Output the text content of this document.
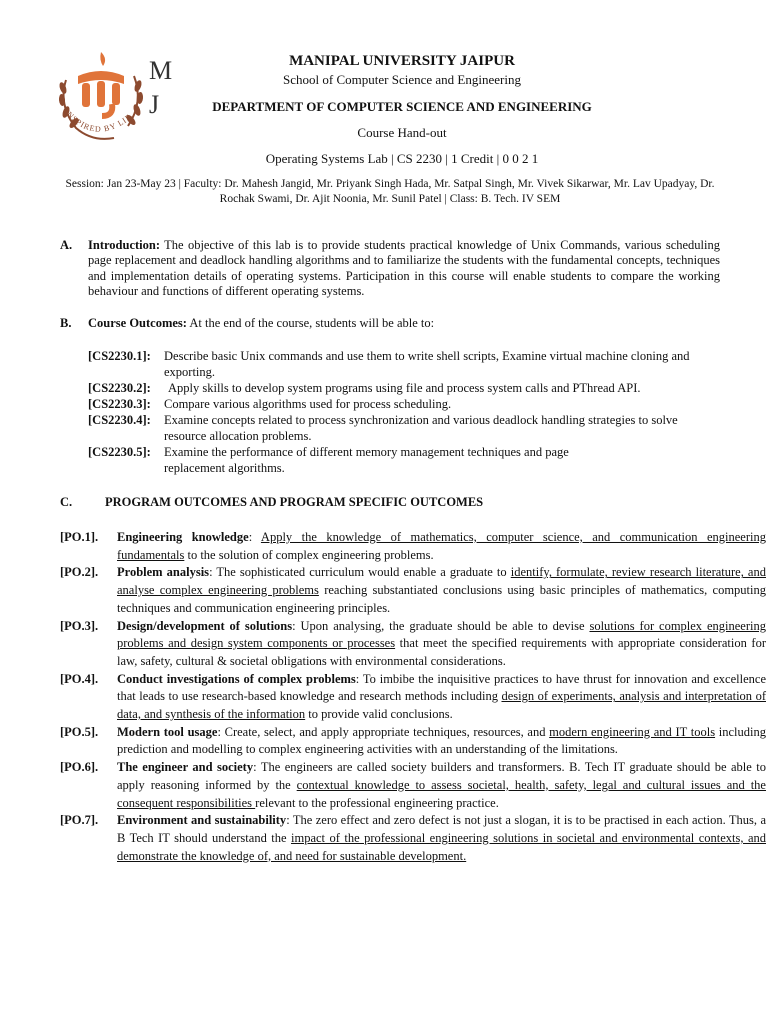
INSPIRED BY LIF
M J
MANIPAL UNIVERSITY JAIPUR
School of Computer Science and Engineering
DEPARTMENT OF COMPUTER SCIENCE AND ENGINEERING
Course Hand-out
Operating Systems Lab | CS 2230 | 1 Credit | 0 0 2 1
Session: Jan 23-May 23 | Faculty: Dr. Mahesh Jangid, Mr. Priyank Singh Hada, Mr. Satpal Singh, Mr. Vivek Sikarwar, Mr. Lav Upadyay, Dr. Rochak Swami, Dr. Ajit Noonia, Mr. Sunil Patel | Class: B. Tech. IV SEM
A. Introduction: The objective of this lab is to provide students practical knowledge of Unix Commands, various scheduling page replacement and deadlock handling algorithms and to familiarize the students with the fundamental concepts, techniques and implementation details of operating systems. Participation in this course will enable students to compare the working behaviour and functions of different operating systems.
B. Course Outcomes: At the end of the course, students will be able to:
[CS2230.1]: Describe basic Unix commands and use them to write shell scripts, Examine virtual machine cloning and exporting.
[CS2230.2]:	Apply skills to develop system programs using file and process system calls and PThread API.
[CS2230.3]: Compare various algorithms used for process scheduling.
[CS2230.4]: Examine concepts related to process synchronization and various deadlock handling strategies to solve resource allocation problems.
[CS2230.5]: Examine the performance of different memory management techniques and page replacement algorithms.
C.	PROGRAM OUTCOMES AND PROGRAM SPECIFIC OUTCOMES
[PO.1]. Engineering knowledge: Apply the knowledge of mathematics, computer science, and communication engineering fundamentals to the solution of complex engineering problems.
[PO.2]. Problem analysis: The sophisticated curriculum would enable a graduate to identify, formulate, review research literature, and analyse complex engineering problems reaching substantiated conclusions using basic principles of mathematics, computing techniques and communication engineering principles.
[PO.3]. Design/development of solutions: Upon analysing, the graduate should be able to devise solutions for complex engineering problems and design system components or processes that meet the specified requirements with appropriate consideration for law, safety, cultural & societal obligations with environmental considerations.
[PO.4]. Conduct investigations of complex problems: To imbibe the inquisitive practices to have thrust for innovation and excellence that leads to use research-based knowledge and research methods including design of experiments, analysis and interpretation of data, and synthesis of the information to provide valid conclusions.
[PO.5]. Modern tool usage: Create, select, and apply appropriate techniques, resources, and modern engineering and IT tools including prediction and modelling to complex engineering activities with an understanding of the limitations.
[PO.6]. The engineer and society: The engineers are called society builders and transformers. B. Tech IT graduate should be able to apply reasoning informed by the contextual knowledge to assess societal, health, safety, legal and cultural issues and the consequent responsibilities relevant to the professional engineering practice.
[PO.7]. Environment and sustainability: The zero effect and zero defect is not just a slogan, it is to be practised in each action. Thus, a B Tech IT should understand the impact of the professional engineering solutions in societal and environmental contexts, and demonstrate the knowledge of, and need for sustainable development.
